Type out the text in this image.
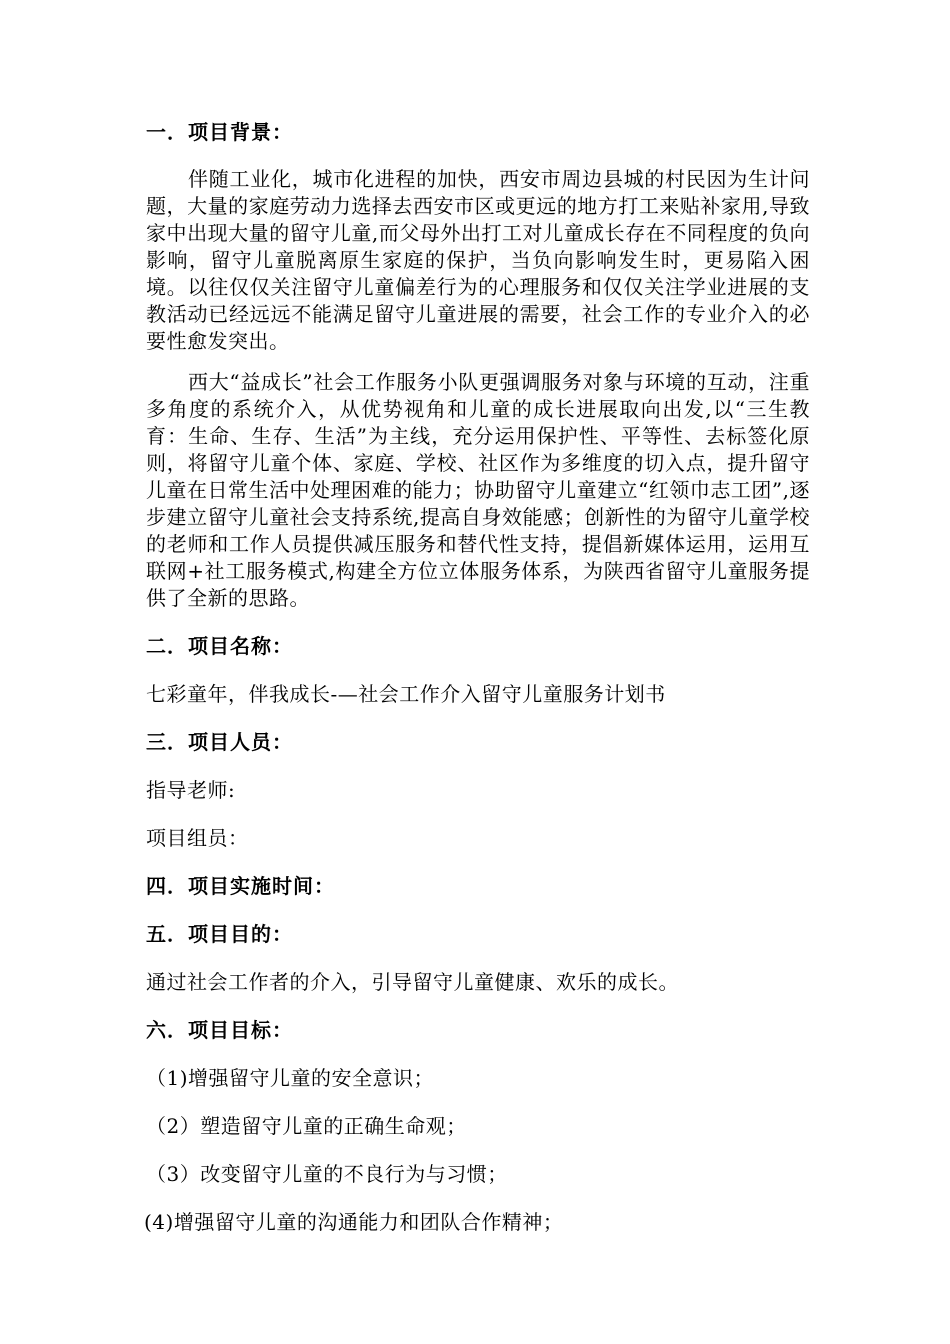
一．项目背景：

伴随工业化，城市化进程的加快，西安市周边县城的村民因为生计问题，大量的家庭劳动力选择去西安市区或更远的地方打工来贴补家用,导致家中出现大量的留守儿童,而父母外出打工对儿童成长存在不同程度的负向影响，留守儿童脱离原生家庭的保护，当负向影响发生时，更易陷入困境。以往仅仅关注留守儿童偏差行为的心理服务和仅仅关注学业进展的支教活动已经远远不能满足留守儿童进展的需要，社会工作的专业介入的必要性愈发突出。

西大“益成长”社会工作服务小队更强调服务对象与环境的互动，注重多角度的系统介入，从优势视角和儿童的成长进展取向出发,以“三生教育：生命、生存、生活”为主线，充分运用保护性、平等性、去标签化原则，将留守儿童个体、家庭、学校、社区作为多维度的切入点，提升留守儿童在日常生活中处理困难的能力；协助留守儿童建立“红领巾志工团”,逐步建立留守儿童社会支持系统,提高自身效能感；创新性的为留守儿童学校的老师和工作人员提供减压服务和替代性支持，提倡新媒体运用，运用互联网+社工服务模式,构建全方位立体服务体系，为陕西省留守儿童服务提供了全新的思路。

二．项目名称：

七彩童年，伴我成长-—社会工作介入留守儿童服务计划书

三．项目人员：

指导老师:

项目组员：

四．项目实施时间：

五．项目目的：

通过社会工作者的介入，引导留守儿童健康、欢乐的成长。

六．项目目标：

（1)增强留守儿童的安全意识；

（2）塑造留守儿童的正确生命观；

（3）改变留守儿童的不良行为与习惯；

(4)增强留守儿童的沟通能力和团队合作精神；
